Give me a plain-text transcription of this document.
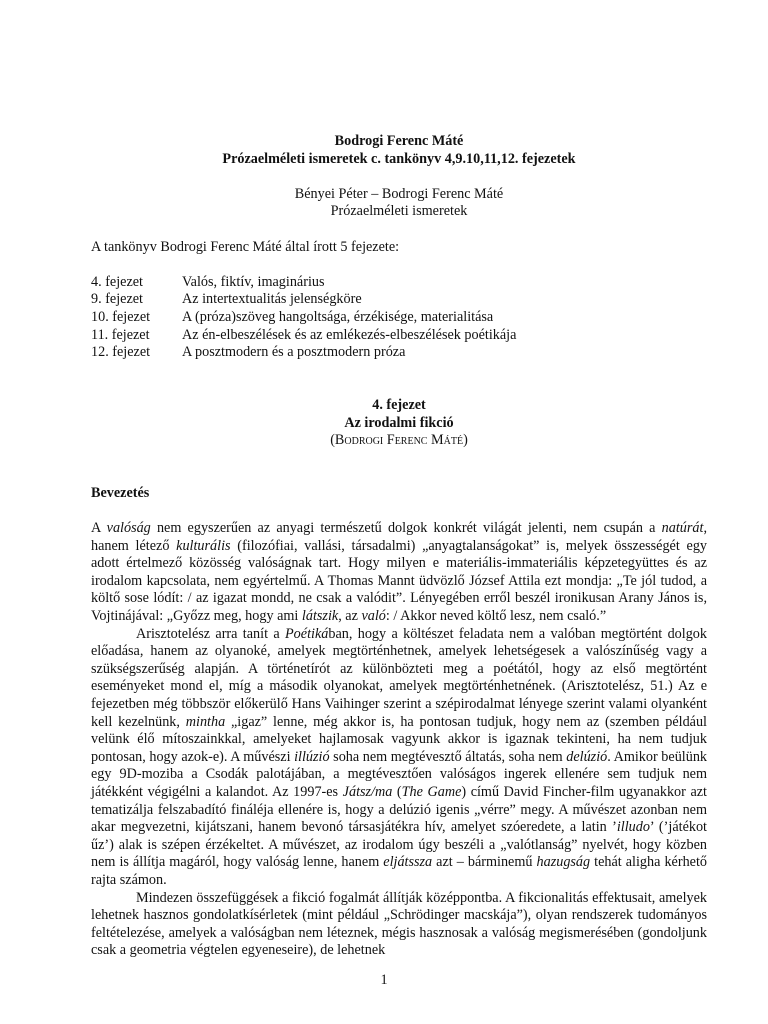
Bodrogi Ferenc Máté
Prózaelméleti ismeretek c. tankönyv 4,9.10,11,12. fejezetek
Bényei Péter – Bodrogi Ferenc Máté
Prózaelméleti ismeretek
A tankönyv Bodrogi Ferenc Máté által írott 5 fejezete:
4. fejezet	Valós, fiktív, imaginárius
9. fejezet	Az intertextualitás jelenségköre
10. fejezet	A (próza)szöveg hangoltsága, érzékisége, materialitása
11. fejezet	Az én-elbeszélések és az emlékezés-elbeszélések poétikája
12. fejezet	A posztmodern és a posztmodern próza
4. fejezet
Az irodalmi fikció
(Bodrogi Ferenc Máté)
Bevezetés

A valóság nem egyszerűen az anyagi természetű dolgok konkrét világát jelenti, nem csupán a natúrát, hanem létező kulturális (filozófiai, vallási, társadalmi) „anyagtalanságokat” is, melyek összességét egy adott értelmező közösség valóságnak tart. Hogy milyen e materiális-immateriális képzetegyüttes és az irodalom kapcsolata, nem egyértelmű. A Thomas Mannt üdvözlő József Attila ezt mondja: „Te jól tudod, a költő sose lódít: / az igazat mondd, ne csak a valódit”. Lényegében erről beszél ironikusan Arany János is, Vojtinájával: „Győzz meg, hogy ami látszik, az való: / Akkor neved költő lesz, nem csaló.”

Arisztotelész arra tanít a Poétikában, hogy a költészet feladata nem a valóban megtörtént dolgok előadása, hanem az olyanoké, amelyek megtörténhetnek, amelyek lehetségesek a valószínűség vagy a szükségszerűség alapján. A történetírót az különbözteti meg a poétától, hogy az első megtörtént eseményeket mond el, míg a második olyanokat, amelyek megtörténhetnének. (Arisztotelész, 51.) Az e fejezetben még többször előkerülő Hans Vaihinger szerint a szépirodalmat lényege szerint valami olyanként kell kezelnünk, mintha „igaz” lenne, még akkor is, ha pontosan tudjuk, hogy nem az (szemben például velünk élő mítoszainkkal, amelyeket hajlamosak vagyunk akkor is igaznak tekinteni, ha nem tudjuk pontosan, hogy azok-e). A művészi illúzió soha nem megtévesztő áltatás, soha nem delúzió. Amikor beülünk egy 9D-moziba a Csodák palotájában, a megtévesztően valóságos ingerek ellenére sem tudjuk nem játékként végigélni a kalandot. Az 1997-es Játsz/ma (The Game) című David Fincher-film ugyanakkor azt tematizálja felszabadító fináléja ellenére is, hogy a delúzió igenis „vérre” megy. A művészet azonban nem akar megvezetni, kijátszani, hanem bevonó társasjátékra hív, amelyet szóeredete, a latin ’illudo’ (’játékot űz’) alak is szépen érzékeltet. A művészet, az irodalom úgy beszéli a „valótlanság” nyelvét, hogy közben nem is állítja magáról, hogy valóság lenne, hanem eljátssza azt – bárminemű hazugság tehát aligha kérhető rajta számon.

Mindezen összefüggések a fikció fogalmát állítják középpontba. A fikcionalitás effektusait, amelyek lehetnek hasznos gondolatkísérletek (mint például „Schrödinger macskája”), olyan rendszerek tudományos feltételezése, amelyek a valóságban nem léteznek, mégis hasznosak a valóság megismerésében (gondoljunk csak a geometria végtelen egyeneseire), de lehetnek

1
